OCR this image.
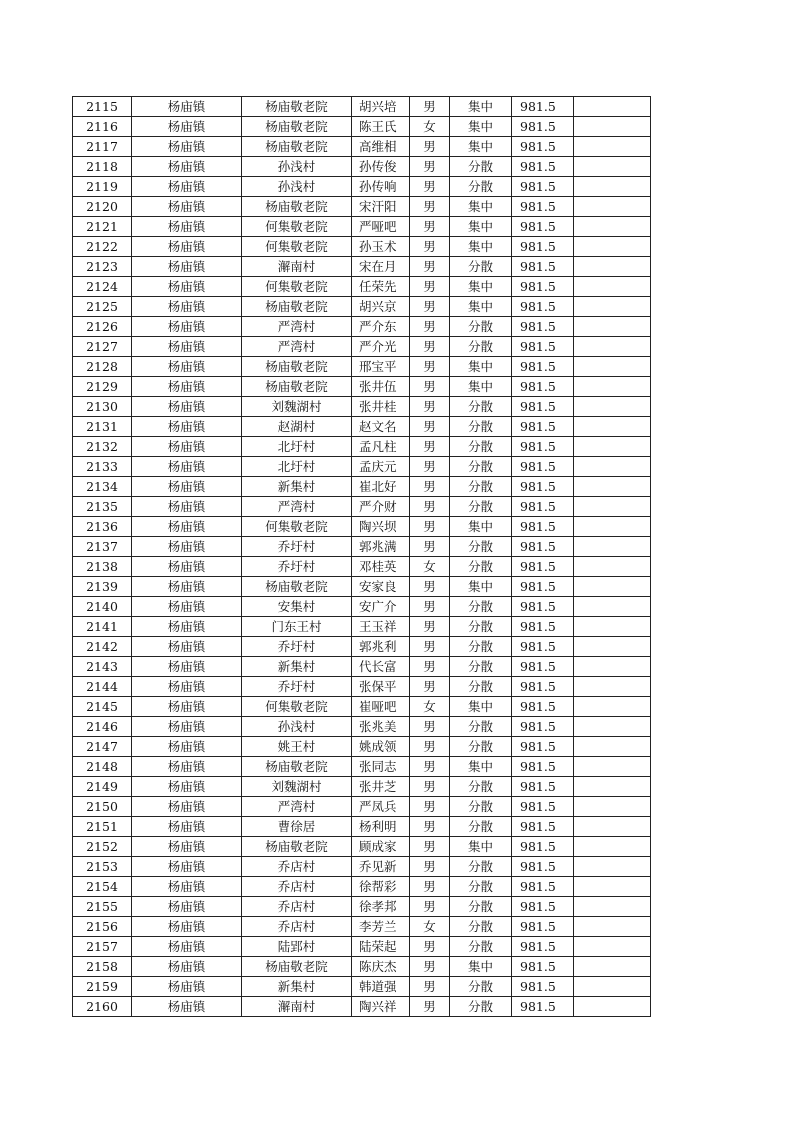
2115	杨庙镇	杨庙敬老院	胡兴培	男	集中	981.5	
2116	杨庙镇	杨庙敬老院	陈王氏	女	集中	981.5	
2117	杨庙镇	杨庙敬老院	高维相	男	集中	981.5	
2118	杨庙镇	孙浅村	孙传俊	男	分散	981.5	
2119	杨庙镇	孙浅村	孙传响	男	分散	981.5	
2120	杨庙镇	杨庙敬老院	宋汗阳	男	集中	981.5	
2121	杨庙镇	何集敬老院	严哑吧	男	集中	981.5	
2122	杨庙镇	何集敬老院	孙玉术	男	集中	981.5	
2123	杨庙镇	澥南村	宋在月	男	分散	981.5	
2124	杨庙镇	何集敬老院	任荣先	男	集中	981.5	
2125	杨庙镇	杨庙敬老院	胡兴京	男	集中	981.5	
2126	杨庙镇	严湾村	严介东	男	分散	981.5	
2127	杨庙镇	严湾村	严介光	男	分散	981.5	
2128	杨庙镇	杨庙敬老院	邢宝平	男	集中	981.5	
2129	杨庙镇	杨庙敬老院	张井伍	男	集中	981.5	
2130	杨庙镇	刘魏湖村	张井桂	男	分散	981.5	
2131	杨庙镇	赵湖村	赵文名	男	分散	981.5	
2132	杨庙镇	北圩村	孟凡柱	男	分散	981.5	
2133	杨庙镇	北圩村	孟庆元	男	分散	981.5	
2134	杨庙镇	新集村	崔北好	男	分散	981.5	
2135	杨庙镇	严湾村	严介财	男	分散	981.5	
2136	杨庙镇	何集敬老院	陶兴坝	男	集中	981.5	
2137	杨庙镇	乔圩村	郭兆满	男	分散	981.5	
2138	杨庙镇	乔圩村	邓桂英	女	分散	981.5	
2139	杨庙镇	杨庙敬老院	安家良	男	集中	981.5	
2140	杨庙镇	安集村	安广介	男	分散	981.5	
2141	杨庙镇	门东王村	王玉祥	男	分散	981.5	
2142	杨庙镇	乔圩村	郭兆利	男	分散	981.5	
2143	杨庙镇	新集村	代长富	男	分散	981.5	
2144	杨庙镇	乔圩村	张保平	男	分散	981.5	
2145	杨庙镇	何集敬老院	崔哑吧	女	集中	981.5	
2146	杨庙镇	孙浅村	张兆美	男	分散	981.5	
2147	杨庙镇	姚王村	姚成领	男	分散	981.5	
2148	杨庙镇	杨庙敬老院	张同志	男	集中	981.5	
2149	杨庙镇	刘魏湖村	张井芝	男	分散	981.5	
2150	杨庙镇	严湾村	严凤兵	男	分散	981.5	
2151	杨庙镇	曹徐居	杨利明	男	分散	981.5	
2152	杨庙镇	杨庙敬老院	顾成家	男	集中	981.5	
2153	杨庙镇	乔店村	乔见新	男	分散	981.5	
2154	杨庙镇	乔店村	徐帮彩	男	分散	981.5	
2155	杨庙镇	乔店村	徐孝邦	男	分散	981.5	
2156	杨庙镇	乔店村	李芳兰	女	分散	981.5	
2157	杨庙镇	陆郢村	陆荣起	男	分散	981.5	
2158	杨庙镇	杨庙敬老院	陈庆杰	男	集中	981.5	
2159	杨庙镇	新集村	韩道强	男	分散	981.5	
2160	杨庙镇	澥南村	陶兴祥	男	分散	981.5	
